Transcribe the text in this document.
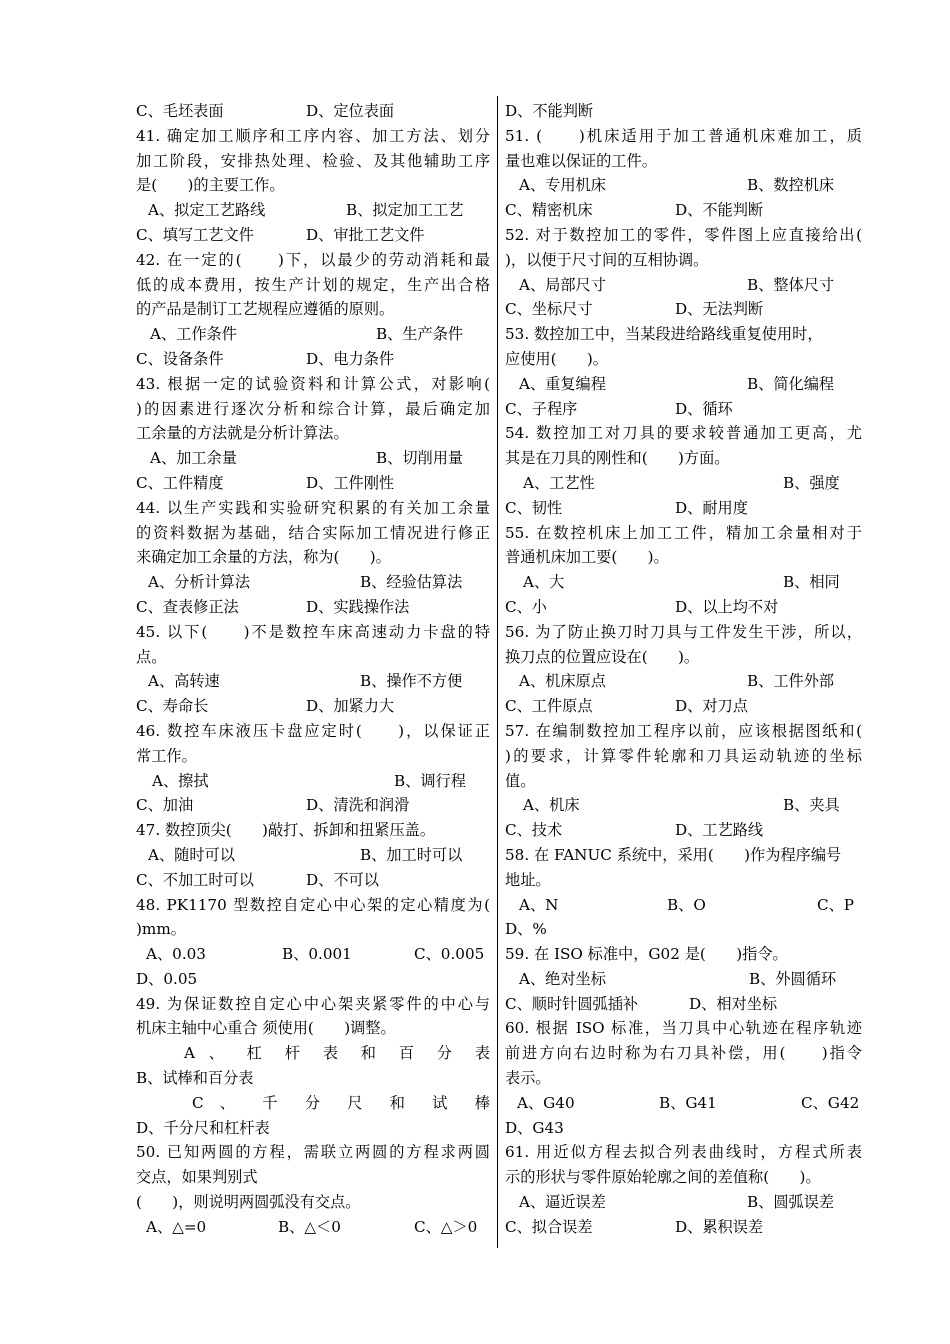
C、毛坯表面	D、定位表面
41. 确定加工顺序和工序内容、加工方法、划分
加工阶段，安排热处理、检验、及其他辅助工序
是(　　)的主要工作。
A、拟定工艺路线	B、拟定加工工艺
C、填写工艺文件	D、审批工艺文件
42. 在一定的(　　)下，以最少的劳动消耗和最
低的成本费用，按生产计划的规定，生产出合格
的产品是制订工艺规程应遵循的原则。
A、工作条件	B、生产条件
C、设备条件	D、电力条件
43. 根据一定的试验资料和计算公式，对影响(
)的因素进行逐次分析和综合计算，最后确定加
工余量的方法就是分析计算法。
A、加工余量	B、切削用量
C、工件精度	D、工件刚性
44. 以生产实践和实验研究积累的有关加工余量
的资料数据为基础，结合实际加工情况进行修正
来确定加工余量的方法，称为(　　)。
A、分析计算法	B、经验估算法
C、查表修正法	D、实践操作法
45. 以下(　　)不是数控车床高速动力卡盘的特
点。
A、高转速	B、操作不方便
C、寿命长	D、加紧力大
46. 数控车床液压卡盘应定时(　　)，以保证正
常工作。
A、擦拭	B、调行程
C、加油	D、清洗和润滑
47. 数控顶尖(　　)敲打、拆卸和扭紧压盖。
A、随时可以	B、加工时可以
C、不加工时可以	D、不可以
48. PK1170 型数控自定心中心架的定心精度为(
)mm。
A、0.03	B、0.001	C、0.005
D、0.05
49. 为保证数控自定心中心架夹紧零件的中心与
机床主轴中心重合 须使用(　　)调整。
A 、 杠 杆 表 和 百 分 表
B、试棒和百分表
C 、 千 分 尺 和 试 棒
D、千分尺和杠杆表
50. 已知两圆的方程，需联立两圆的方程求两圆
交点，如果判别式
(　　)，则说明两圆弧没有交点。
A、△=0	B、△＜0	C、△＞0
D、不能判断
51. (　　)机床适用于加工普通机床难加工，质
量也难以保证的工件。
A、专用机床	B、数控机床
C、精密机床	D、不能判断
52. 对于数控加工的零件，零件图上应直接给出(
)，以便于尺寸间的互相协调。
A、局部尺寸	B、整体尺寸
C、坐标尺寸	D、无法判断
53. 数控加工中，当某段进给路线重复使用时，
应使用(　　)。
A、重复编程	B、简化编程
C、子程序	D、循环
54. 数控加工对刀具的要求较普通加工更高，尤
其是在刀具的刚性和(　　)方面。
A、工艺性	B、强度
C、韧性	D、耐用度
55. 在数控机床上加工工件，精加工余量相对于
普通机床加工要(　　)。
A、大	B、相同
C、小	D、以上均不对
56. 为了防止换刀时刀具与工件发生干涉，所以，
换刀点的位置应设在(　　)。
A、机床原点	B、工件外部
C、工件原点	D、对刀点
57. 在编制数控加工程序以前，应该根据图纸和(
)的要求，计算零件轮廓和刀具运动轨迹的坐标
值。
A、机床	B、夹具
C、技术	D、工艺路线
58. 在 FANUC 系统中，采用(　　)作为程序编号
地址。
A、N	B、O	C、P
D、%
59. 在 ISO 标准中，G02 是(　　)指令。
A、绝对坐标	B、外圆循环
C、顺时针圆弧插补	D、相对坐标
60. 根据 ISO 标准，当刀具中心轨迹在程序轨迹
前进方向右边时称为右刀具补偿，用(　　)指令
表示。
A、G40	B、G41	C、G42
D、G43
61. 用近似方程去拟合列表曲线时，方程式所表
示的形状与零件原始轮廓之间的差值称(　　)。
A、逼近误差	B、圆弧误差
C、拟合误差	D、累积误差
